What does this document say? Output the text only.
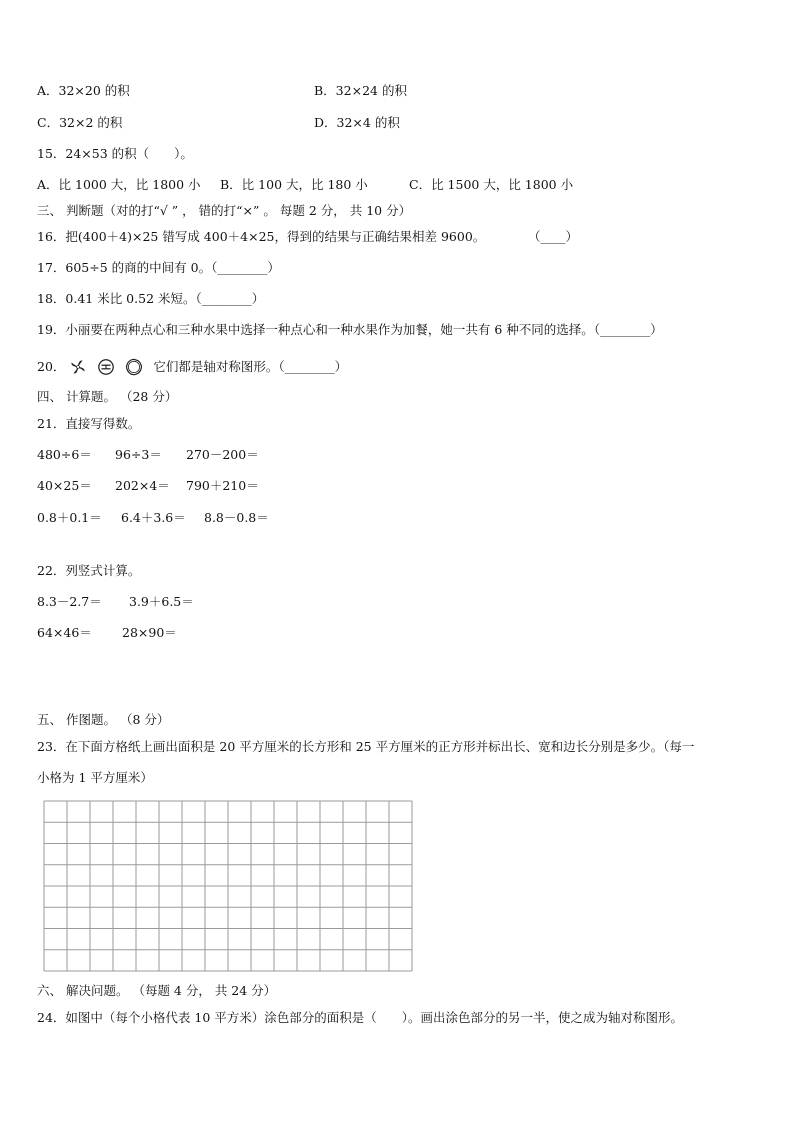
A．32×20 的积	B．32×24 的积
C．32×2 的积	D．32×4 的积
15．24×53 的积（　　）。
A．比 1000 大，比 1800 小 B．比 100 大，比 180 小	C．比 1500 大，比 1800 小
三、 判断题（对的打“√ ” ， 错的打“×” 。 每题 2 分， 共 10 分）
16．把(400＋4)×25 错写成 400＋4×25，得到的结果与正确结果相差 9600。	（____）
17．605÷5 的商的中间有 0。（________）
18．0.41 米比 0.52 米短。（________）
19．小丽要在两种点心和三种水果中选择一种点心和一种水果作为加餐，她一共有 6 种不同的选择。（________）
20．	它们都是轴对称图形。（________）
四、 计算题。 （28 分）
21．直接写得数。
480÷6＝ 96÷3＝ 270－200＝
40×25＝ 202×4＝ 790＋210＝
0.8＋0.1＝ 6.4＋3.6＝ 8.8－0.8＝
22．列竖式计算。
8.3－2.7＝ 3.9＋6.5＝
64×46＝ 28×90＝
五、 作图题。 （8 分）
23．在下面方格纸上画出面积是 20 平方厘米的长方形和 25 平方厘米的正方形并标出长、宽和边长分别是多少。（每一
小格为 1 平方厘米）
六、 解决问题。 （每题 4 分， 共 24 分）
24．如图中（每个小格代表 10 平方米）涂色部分的面积是（　　）。画出涂色部分的另一半，使之成为轴对称图形。
